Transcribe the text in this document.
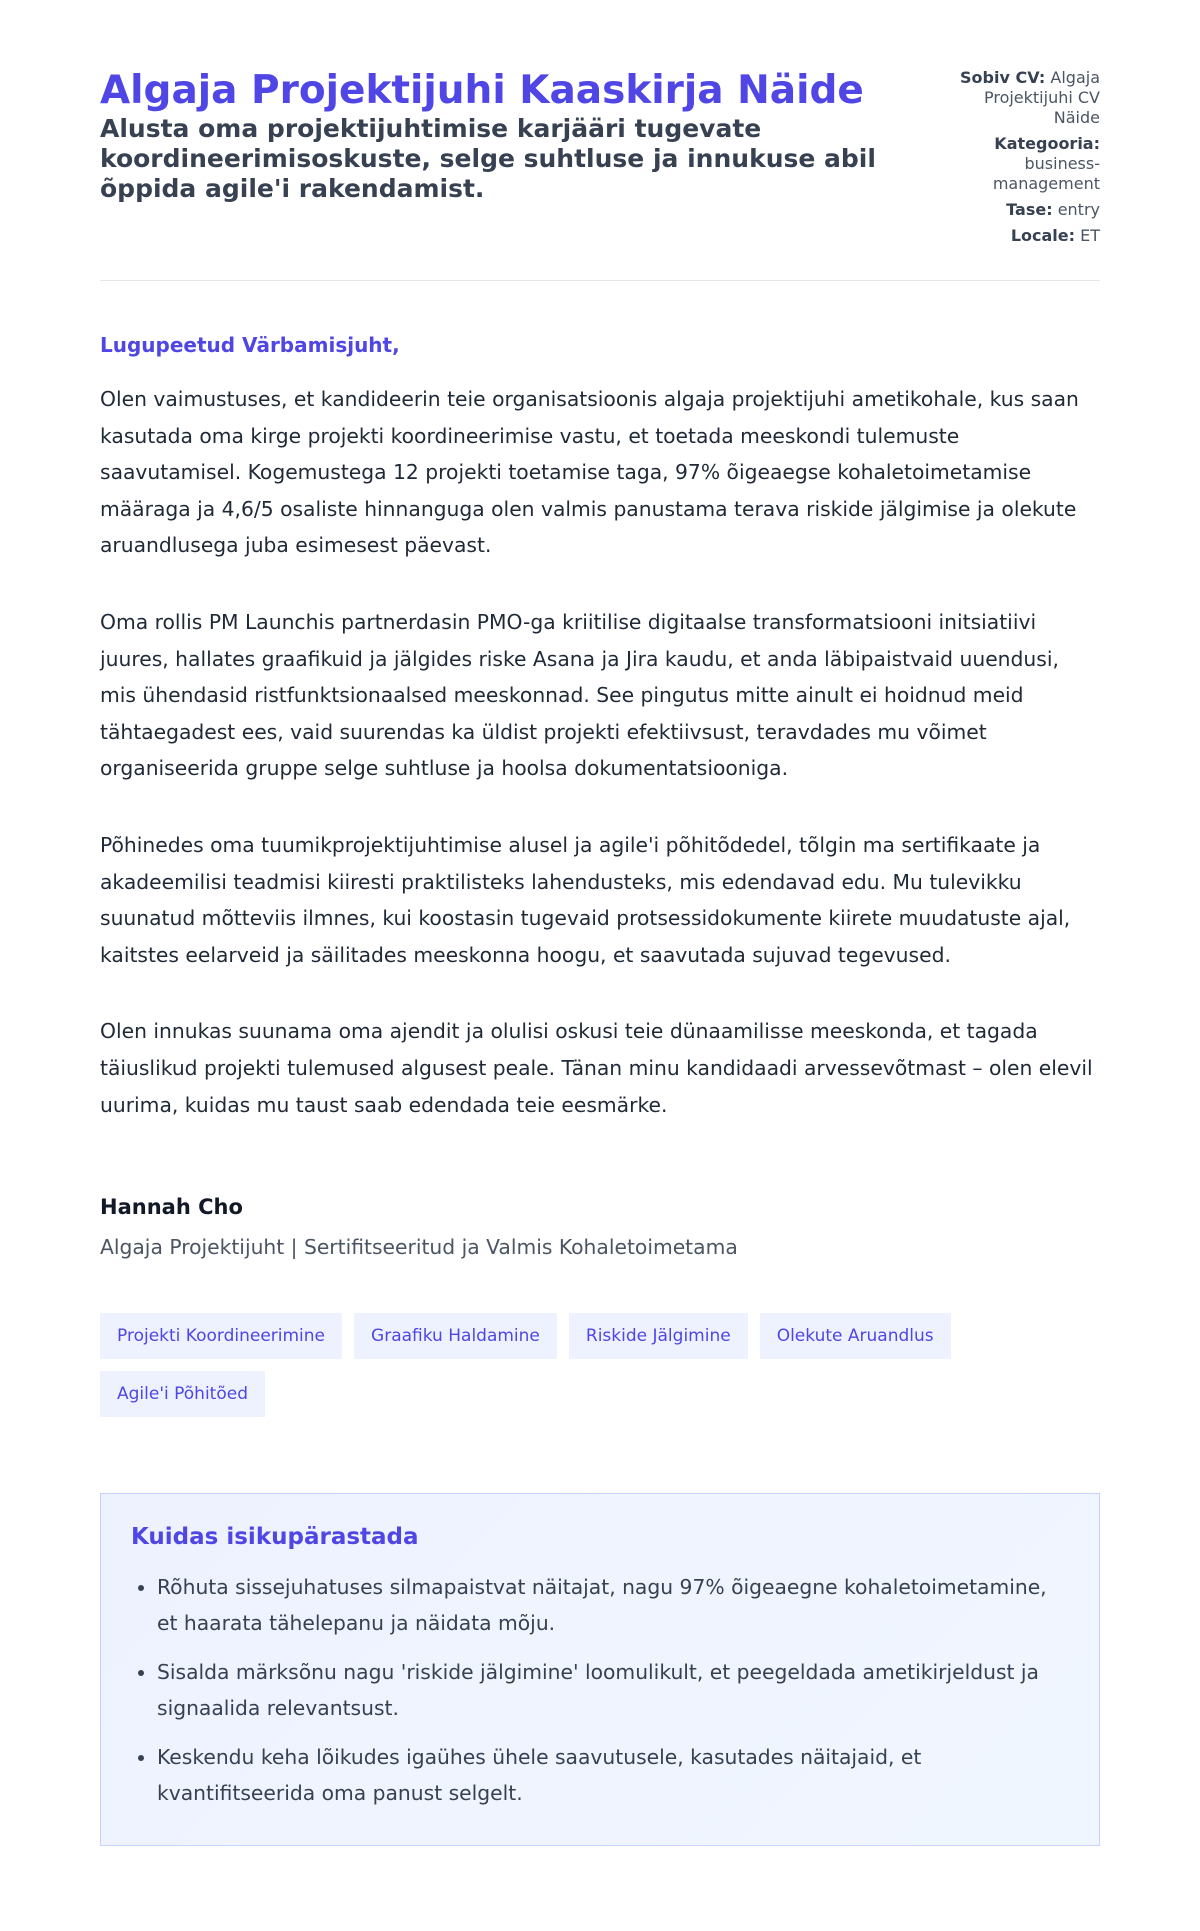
Algaja Projektijuhi Kaaskirja Näide

Alusta oma projektijuhtimise karjääri tugevate koordineerimisoskuste, selge suhtluse ja innukuse abil õppida agile'i rakendamist.

Sobiv CV: Algaja Projektijuhi CV Näide
Kategooria: business-management
Tase: entry
Locale: ET

Lugupeetud Värbamisjuht,

Olen vaimustuses, et kandideerin teie organisatsioonis algaja projektijuhi ametikohale, kus saan kasutada oma kirge projekti koordineerimise vastu, et toetada meeskondi tulemuste saavutamisel. Kogemustega 12 projekti toetamise taga, 97% õigeaegse kohaletoimetamise määraga ja 4,6/5 osaliste hinnanguga olen valmis panustama terava riskide jälgimise ja olekute aruandlusega juba esimesest päevast.

Oma rollis PM Launchis partnerdasin PMO-ga kriitilise digitaalse transformatsiooni initsiatiivi juures, hallates graafikuid ja jälgides riske Asana ja Jira kaudu, et anda läbipaistvaid uuendusi, mis ühendasid ristfunktsionaalsed meeskonnad. See pingutus mitte ainult ei hoidnud meid tähtaegadest ees, vaid suurendas ka üldist projekti efektiivsust, teravdades mu võimet organiseerida gruppe selge suhtluse ja hoolsa dokumentatsiooniga.

Põhinedes oma tuumikprojektijuhtimise alusel ja agile'i põhitõdedel, tõlgin ma sertifikaate ja akadeemilisi teadmisi kiiresti praktilisteks lahendusteks, mis edendavad edu. Mu tulevikku suunatud mõtteviis ilmnes, kui koostasin tugevaid protsessidokumente kiirete muudatuste ajal, kaitstes eelarveid ja säilitades meeskonna hoogu, et saavutada sujuvad tegevused.

Olen innukas suunama oma ajendit ja olulisi oskusi teie dünaamilisse meeskonda, et tagada täiuslikud projekti tulemused algusest peale. Tänan minu kandidaadi arvessevõtmast – olen elevil uurima, kuidas mu taust saab edendada teie eesmärke.

Hannah Cho
Algaja Projektijuht | Sertifitseeritud ja Valmis Kohaletoimetama
Projekti Koordineerimine	Graafiku Haldamine	Riskide Jälgimine	Olekute Aruandlus
Agile'i Põhitõed
Kuidas isikupärastada
• Rõhuta sissejuhatuses silmapaistvat näitajat, nagu 97% õigeaegne kohaletoimetamine, et haarata tähelepanu ja näidata mõju.
• Sisalda märksõnu nagu 'riskide jälgimine' loomulikult, et peegeldada ametikirjeldust ja signaalida relevantsust.
• Keskendu keha lõikudes igaühes ühele saavutusele, kasutades näitajaid, et kvantifitseerida oma panust selgelt.
